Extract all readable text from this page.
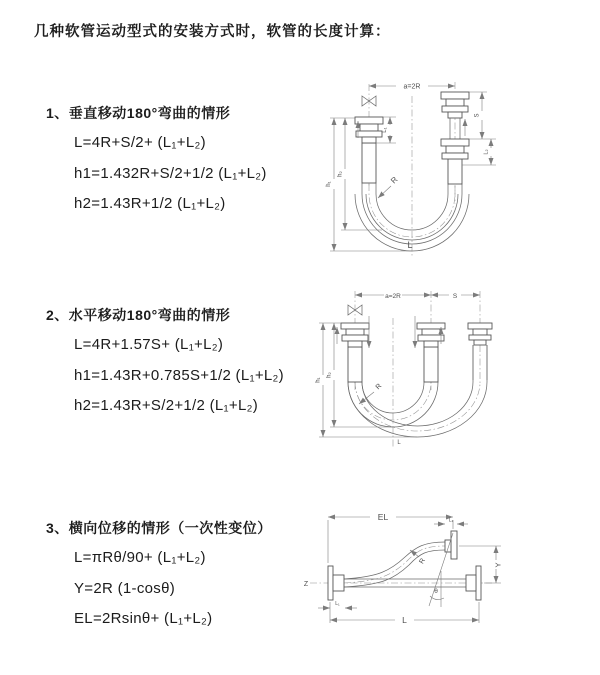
几种软管运动型式的安装方式时，软管的长度计算：
1、垂直移动180°弯曲的情形
L=4R+S/2+ (L₁+L₂)
h1=1.432R+S/2+1/2 (L₁+L₂)
h2=1.43R+1/2 (L₁+L₂)
2、水平移动180°弯曲的情形
L=4R+1.57S+ (L₁+L₂)
h1=1.43R+0.785S+1/2 (L₁+L₂)
h2=1.43R+S/2+1/2 (L₁+L₂)
3、横向位移的情形（一次性变位）
L=πRθ/90+ (L₁+L₂)
Y=2R (1-cosθ)
EL=2Rsinθ+ (L₁+L₂)
a=2R
L₁
h₁
h₂
S
L₂
R
L
a=2R	S
h₁
h₂
R
L
Z
EL	L₁
Y
L
L₁
R
θ
